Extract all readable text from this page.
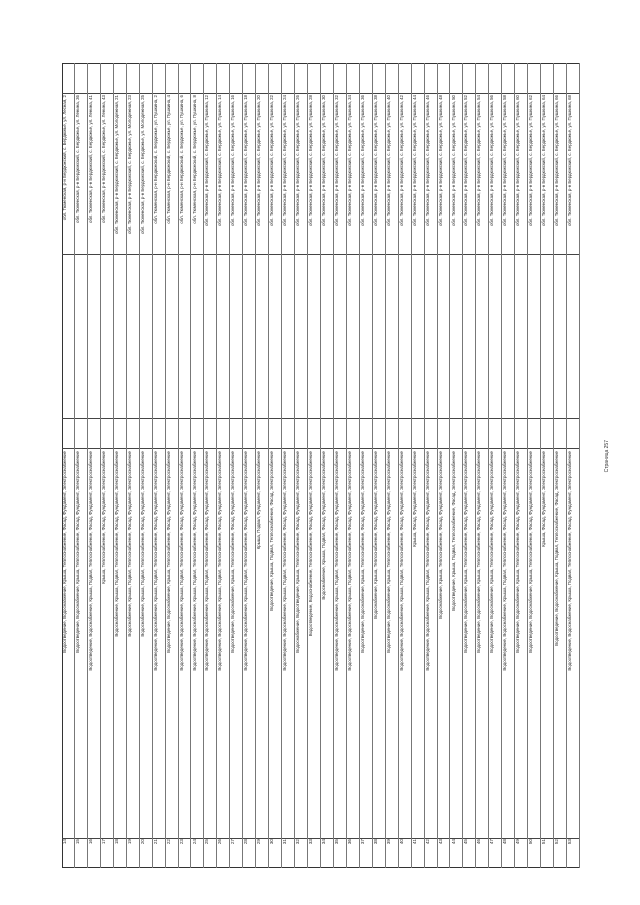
обл. Тюменская, р-н Бердюжский, с. Бердюжье, ул. Лесная, 2
Водоотведение, Водоснабжение, Крыша, Теплоснабжение, Фасад, Фундамент, Электроснабжение
14
обл. Тюменская, р-н Бердюжский, с. Бердюжье, ул. Ленина, 36
Водоотведение, Водоснабжение, Крыша, Теплоснабжение, Фасад, Фундамент, Электроснабжение
15
обл. Тюменская, р-н Бердюжский, с. Бердюжье, ул. Ленина, 41
Водоотведение, Водоснабжение, Крыша, Подвал, Теплоснабжение, Фасад, Фундамент, Электроснабжение
16
обл. Тюменская, р-н Бердюжский, с. Бердюжье, ул. Ленина, 43
Крыша, Теплоснабжение, Фасад, Фундамент, Электроснабжение
17
обл. Тюменская, р-н Бердюжский, с. Бердюжье, ул. Молодежная, 21
Водоснабжение, Крыша, Подвал, Теплоснабжение, Фасад, Фундамент, Электроснабжение
18
обл. Тюменская, р-н Бердюжский, с. Бердюжье, ул. Молодежная, 23
Водоснабжение, Крыша, Подвал, Теплоснабжение, Фасад, Фундамент, Электроснабжение
19
обл. Тюменская, р-н Бердюжский, с. Бердюжье, ул. Молодежная, 25
Водоснабжение, Крыша, Подвал, Теплоснабжение, Фасад, Фундамент, Электроснабжение
20
обл. Тюменская, р-н Бердюжский, с. Бердюжье, ул. Пушкина, 2
Водоотведение, Водоснабжение, Крыша, Подвал, Теплоснабжение, Фасад, Фундамент, Электроснабжение
21
обл. Тюменская, р-н Бердюжский, с. Бердюжье, ул. Пушкина, 4
Водоотведение, Водоснабжение, Крыша, Теплоснабжение, Фасад, Фундамент, Электроснабжение
22
обл. Тюменская, р-н Бердюжский, с. Бердюжье, ул. Пушкина, 6
Водоотведение, Водоснабжение, Крыша, Подвал, Теплоснабжение, Фасад, Фундамент, Электроснабжение
23
обл. Тюменская, р-н Бердюжский, с. Бердюжье, ул. Пушкина, 8
Водоотведение, Водоснабжение, Крыша, Подвал, Теплоснабжение, Фасад, Фундамент, Электроснабжение
24
обл. Тюменская, р-н Бердюжский, с. Бердюжье, ул. Пушкина, 12
Водоотведение, Водоснабжение, Крыша, Подвал, Теплоснабжение, Фасад, Фундамент, Электроснабжение
25
обл. Тюменская, р-н Бердюжский, с. Бердюжье, ул. Пушкина, 14
Водоотведение, Водоснабжение, Крыша, Подвал, Теплоснабжение, Фасад, Фундамент, Электроснабжение
26
обл. Тюменская, р-н Бердюжский, с. Бердюжье, ул. Пушкина, 16
Водоотведение, Водоснабжение, Крыша, Теплоснабжение, Фасад, Фундамент, Электроснабжение
27
обл. Тюменская, р-н Бердюжский, с. Бердюжье, ул. Пушкина, 18
Водоотведение, Водоснабжение, Крыша, Подвал, Теплоснабжение, Фасад, Фундамент, Электроснабжение
28
обл. Тюменская, р-н Бердюжский, с. Бердюжье, ул. Пушкина, 20
Крыша, Подвал, Фундамент, Электроснабжение
29
обл. Тюменская, р-н Бердюжский, с. Бердюжье, ул. Пушкина, 22
Водоотведение, Крыша, Подвал, Теплоснабжение, Фасад, Электроснабжение
30
обл. Тюменская, р-н Бердюжский, с. Бердюжье, ул. Пушкина, 24
Водоотведение, Водоснабжение, Крыша, Подвал, Теплоснабжение, Фасад, Фундамент, Электроснабжение
31
обл. Тюменская, р-н Бердюжский, с. Бердюжье, ул. Пушкина, 26
Водоснабжение, Водоотведение, Крыша, Теплоснабжение, Фасад, Фундамент, Электроснабжение
32
обл. Тюменская, р-н Бердюжский, с. Бердюжье, ул. Пушкина, 28
Водоотведение, Водоснабжение, Теплоснабжение, Фасад, Фундамент, Электроснабжение
33
обл. Тюменская, р-н Бердюжский, с. Бердюжье, ул. Пушкина, 30
Водоснабжение, Крыша, Подвал, Фасад, Фундамент, Электроснабжение
34
обл. Тюменская, р-н Бердюжский, с. Бердюжье, ул. Пушкина, 32
Водоотведение, Водоснабжение, Крыша, Подвал, Теплоснабжение, Фасад, Фундамент, Электроснабжение
35
обл. Тюменская, р-н Бердюжский, с. Бердюжье, ул. Пушкина, 34
Водоотведение, Водоснабжение, Крыша, Подвал, Теплоснабжение, Фасад, Фундамент, Электроснабжение
36
обл. Тюменская, р-н Бердюжский, с. Бердюжье, ул. Пушкина, 36
Водоотведение, Водоснабжение, Крыша, Теплоснабжение, Фасад, Фундамент, Электроснабжение
37
обл. Тюменская, р-н Бердюжский, с. Бердюжье, ул. Пушкина, 38
Водоснабжение, Крыша, Теплоснабжение, Фасад, Фундамент, Электроснабжение
38
обл. Тюменская, р-н Бердюжский, с. Бердюжье, ул. Пушкина, 40
Водоотведение, Водоснабжение, Крыша, Теплоснабжение, Фасад, Фундамент, Электроснабжение
39
обл. Тюменская, р-н Бердюжский, с. Бердюжье, ул. Пушкина, 42
Водоотведение, Водоснабжение, Крыша, Подвал, Теплоснабжение, Фасад, Фундамент, Электроснабжение
40
обл. Тюменская, р-н Бердюжский, с. Бердюжье, ул. Пушкина, 44
Крыша, Фасад, Фундамент, Электроснабжение
41
обл. Тюменская, р-н Бердюжский, с. Бердюжье, ул. Пушкина, 46
Водоотведение, Водоснабжение, Крыша, Подвал, Теплоснабжение, Фасад, Фундамент, Электроснабжение
42
обл. Тюменская, р-н Бердюжский, с. Бердюжье, ул. Пушкина, 48
Водоснабжение, Крыша, Теплоснабжение, Фасад, Фундамент, Электроснабжение
43
обл. Тюменская, р-н Бердюжский, с. Бердюжье, ул. Пушкина, 50
Водоотведение, Крыша, Подвал, Теплоснабжение, Фасад, Электроснабжение
44
обл. Тюменская, р-н Бердюжский, с. Бердюжье, ул. Пушкина, 52
Водоотведение, Водоснабжение, Крыша, Теплоснабжение, Фасад, Фундамент, Электроснабжение
45
обл. Тюменская, р-н Бердюжский, с. Бердюжье, ул. Пушкина, 54
Водоотведение, Водоснабжение, Крыша, Теплоснабжение, Фасад, Фундамент, Электроснабжение
46
обл. Тюменская, р-н Бердюжский, с. Бердюжье, ул. Пушкина, 56
Водоотведение, Водоснабжение, Крыша, Теплоснабжение, Фасад, Фундамент, Электроснабжение
47
обл. Тюменская, р-н Бердюжский, с. Бердюжье, ул. Пушкина, 58
Водоотведение, Водоснабжение, Крыша, Подвал, Теплоснабжение, Фасад, Фундамент, Электроснабжение
48
обл. Тюменская, р-н Бердюжский, с. Бердюжье, ул. Пушкина, 60
Водоотведение, Водоснабжение, Крыша, Теплоснабжение, Фасад, Фундамент, Электроснабжение
49
обл. Тюменская, р-н Бердюжский, с. Бердюжье, ул. Пушкина, 62
Водоотведение, Водоснабжение, Крыша, Теплоснабжение, Фасад, Фундамент, Электроснабжение
50
обл. Тюменская, р-н Бердюжский, с. Бердюжье, ул. Пушкина, 64
Крыша, Фасад, Фундамент, Электроснабжение
51
обл. Тюменская, р-н Бердюжский, с. Бердюжье, ул. Пушкина, 66
Водоотведение, Водоснабжение, Крыша, Подвал, Теплоснабжение, Фасад, Электроснабжение
52
обл. Тюменская, р-н Бердюжский, с. Бердюжье, ул. Пушкина, 68
Водоотведение, Водоснабжение, Крыша, Подвал, Теплоснабжение, Фасад, Фундамент, Электроснабжение
53
Страница 257
